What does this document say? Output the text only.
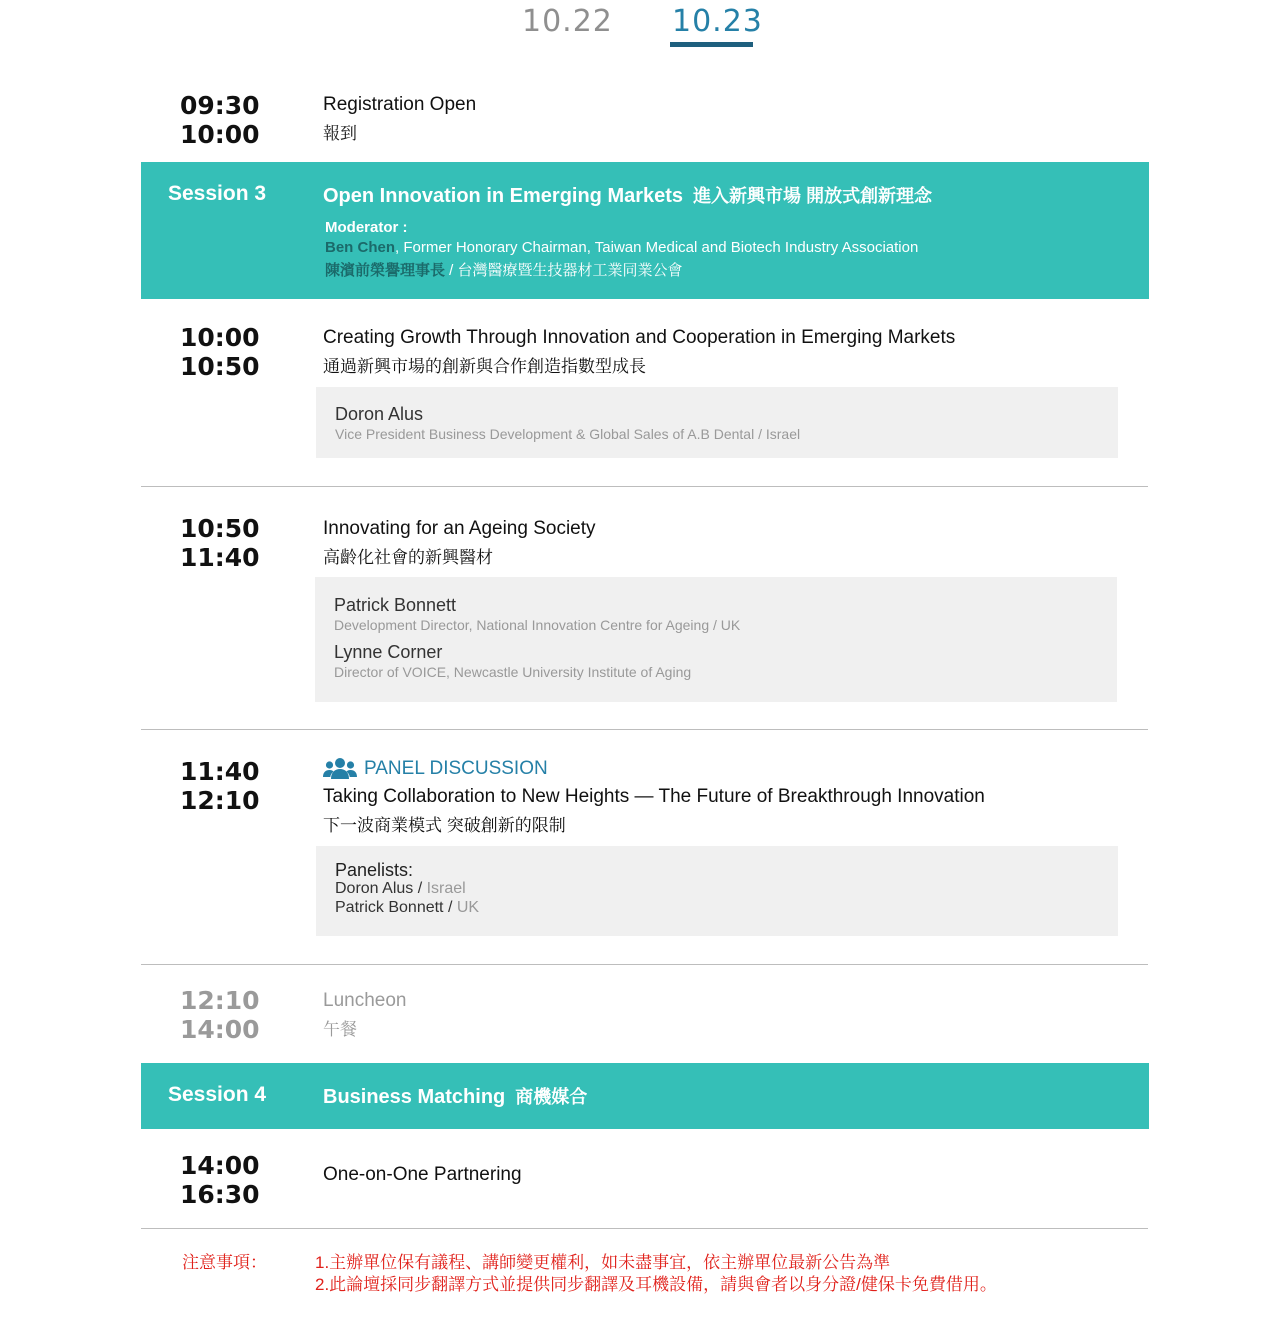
10.22 10.23
09:30
10:00
Registration Open
報到
Session 3	Open Innovation in Emerging Markets 進入新興市場 開放式創新理念
Moderator :
Ben Chen, Former Honorary Chairman, Taiwan Medical and Biotech Industry Association
陳濱前榮譽理事長 / 台灣醫療暨生技器材工業同業公會
10:00
10:50
Creating Growth Through Innovation and Cooperation in Emerging Markets
通過新興市場的創新與合作創造指數型成長
Doron Alus
Vice President Business Development & Global Sales of A.B Dental / Israel
10:50
11:40
Innovating for an Ageing Society
高齡化社會的新興醫材
Patrick Bonnett
Development Director, National Innovation Centre for Ageing / UK
Lynne Corner
Director of VOICE, Newcastle University Institute of Aging
11:40
12:10
PANEL DISCUSSION
Taking Collaboration to New Heights — The Future of Breakthrough Innovation
下一波商業模式 突破創新的限制
Panelists:
Doron Alus / Israel
Patrick Bonnett / UK
12:10
14:00
Luncheon
午餐
Session 4	Business Matching 商機媒合
14:00
16:30
One-on-One Partnering
注意事項：	1.主辦單位保有議程、講師變更權利，如未盡事宜，依主辦單位最新公告為準
2.此論壇採同步翻譯方式並提供同步翻譯及耳機設備，請與會者以身分證/健保卡免費借用。
